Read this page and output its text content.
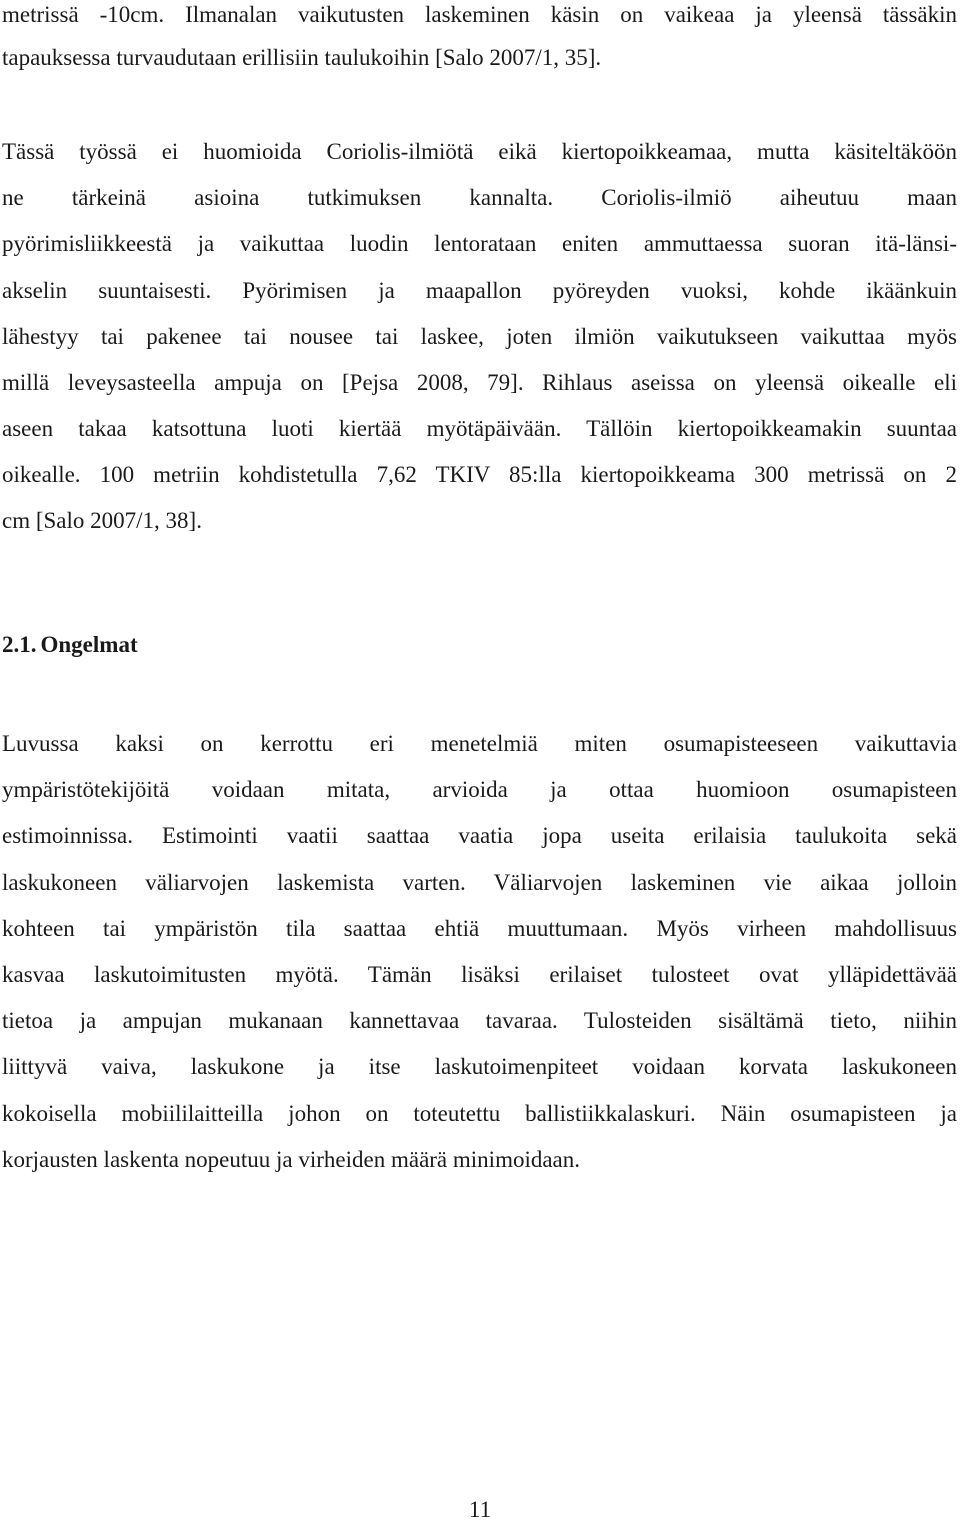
metrissä -10cm. Ilmanalan vaikutusten laskeminen käsin on vaikeaa ja yleensä tässäkin
tapauksessa turvaudutaan erillisiin taulukoihin [Salo 2007/1, 35].
Tässä työssä ei huomioida Coriolis-ilmiötä eikä kiertopoikkeamaa, mutta käsiteltäköön
ne tärkeinä asioina tutkimuksen kannalta. Coriolis-ilmiö aiheutuu maan
pyörimisliikkeestä ja vaikuttaa luodin lentorataan eniten ammuttaessa suoran itä-länsi-
akselin suuntaisesti. Pyörimisen ja maapallon pyöreyden vuoksi, kohde ikäänkuin
lähestyy tai pakenee tai nousee tai laskee, joten ilmiön vaikutukseen vaikuttaa myös
millä leveysasteella ampuja on [Pejsa 2008, 79]. Rihlaus aseissa on yleensä oikealle eli
aseen takaa katsottuna luoti kiertää myötäpäivään. Tällöin kiertopoikkeamakin suuntaa
oikealle. 100 metriin kohdistetulla 7,62 TKIV 85:lla kiertopoikkeama 300 metrissä on 2
cm [Salo 2007/1, 38].
2.1. Ongelmat
Luvussa kaksi on kerrottu eri menetelmiä miten osumapisteeseen vaikuttavia
ympäristötekijöitä voidaan mitata, arvioida ja ottaa huomioon osumapisteen
estimoinnissa. Estimointi vaatii saattaa vaatia jopa useita erilaisia taulukoita sekä
laskukoneen väliarvojen laskemista varten. Väliarvojen laskeminen vie aikaa jolloin
kohteen tai ympäristön tila saattaa ehtiä muuttumaan. Myös virheen mahdollisuus
kasvaa laskutoimitusten myötä. Tämän lisäksi erilaiset tulosteet ovat ylläpidettävää
tietoa ja ampujan mukanaan kannettavaa tavaraa. Tulosteiden sisältämä tieto, niihin
liittyvä vaiva, laskukone ja itse laskutoimenpiteet voidaan korvata laskukoneen
kokoisella mobiililaitteilla johon on toteutettu ballistiikkalaskuri. Näin osumapisteen ja
korjausten laskenta nopeutuu ja virheiden määrä minimoidaan.
11
